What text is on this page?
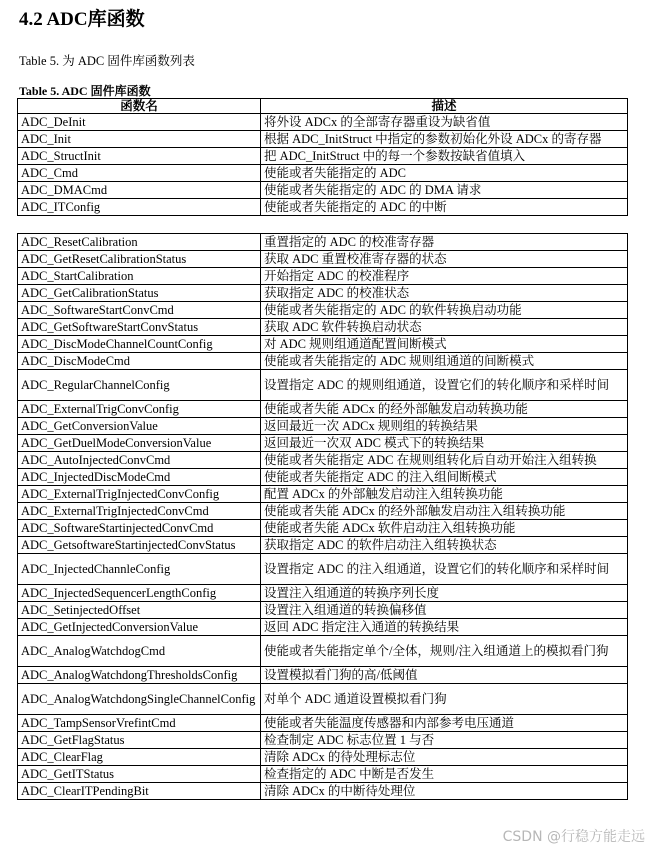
4.2 ADC库函数
Table 5. 为 ADC 固件库函数列表
Table 5. ADC 固件库函数
函数名	描述
ADC_DeInit	将外设 ADCx 的全部寄存器重设为缺省值
ADC_Init	根据 ADC_InitStruct 中指定的参数初始化外设 ADCx 的寄存器
ADC_StructInit	把 ADC_InitStruct 中的每一个参数按缺省值填入
ADC_Cmd	使能或者失能指定的 ADC
ADC_DMACmd	使能或者失能指定的 ADC 的 DMA 请求
ADC_ITConfig	使能或者失能指定的 ADC 的中断
ADC_ResetCalibration	重置指定的 ADC 的校准寄存器
ADC_GetResetCalibrationStatus	获取 ADC 重置校准寄存器的状态
ADC_StartCalibration	开始指定 ADC 的校准程序
ADC_GetCalibrationStatus	获取指定 ADC 的校准状态
ADC_SoftwareStartConvCmd	使能或者失能指定的 ADC 的软件转换启动功能
ADC_GetSoftwareStartConvStatus	获取 ADC 软件转换启动状态
ADC_DiscModeChannelCountConfig	对 ADC 规则组通道配置间断模式
ADC_DiscModeCmd	使能或者失能指定的 ADC 规则组通道的间断模式
ADC_RegularChannelConfig	设置指定 ADC 的规则组通道，设置它们的转化顺序和采样时间
ADC_ExternalTrigConvConfig	使能或者失能 ADCx 的经外部触发启动转换功能
ADC_GetConversionValue	返回最近一次 ADCx 规则组的转换结果
ADC_GetDuelModeConversionValue	返回最近一次双 ADC 模式下的转换结果
ADC_AutoInjectedConvCmd	使能或者失能指定 ADC 在规则组转化后自动开始注入组转换
ADC_InjectedDiscModeCmd	使能或者失能指定 ADC 的注入组间断模式
ADC_ExternalTrigInjectedConvConfig	配置 ADCx 的外部触发启动注入组转换功能
ADC_ExternalTrigInjectedConvCmd	使能或者失能 ADCx 的经外部触发启动注入组转换功能
ADC_SoftwareStartinjectedConvCmd	使能或者失能 ADCx 软件启动注入组转换功能
ADC_GetsoftwareStartinjectedConvStatus	获取指定 ADC 的软件启动注入组转换状态
ADC_InjectedChannleConfig	设置指定 ADC 的注入组通道，设置它们的转化顺序和采样时间
ADC_InjectedSequencerLengthConfig	设置注入组通道的转换序列长度
ADC_SetinjectedOffset	设置注入组通道的转换偏移值
ADC_GetInjectedConversionValue	返回 ADC 指定注入通道的转换结果
ADC_AnalogWatchdogCmd	使能或者失能指定单个/全体，规则/注入组通道上的模拟看门狗
ADC_AnalogWatchdongThresholdsConfig	设置模拟看门狗的高/低阈值
ADC_AnalogWatchdongSingleChannelConfig	对单个 ADC 通道设置模拟看门狗
ADC_TampSensorVrefintCmd	使能或者失能温度传感器和内部参考电压通道
ADC_GetFlagStatus	检查制定 ADC 标志位置 1 与否
ADC_ClearFlag	清除 ADCx 的待处理标志位
ADC_GetITStatus	检查指定的 ADC 中断是否发生
ADC_ClearITPendingBit	清除 ADCx 的中断待处理位
CSDN @行稳方能走远
